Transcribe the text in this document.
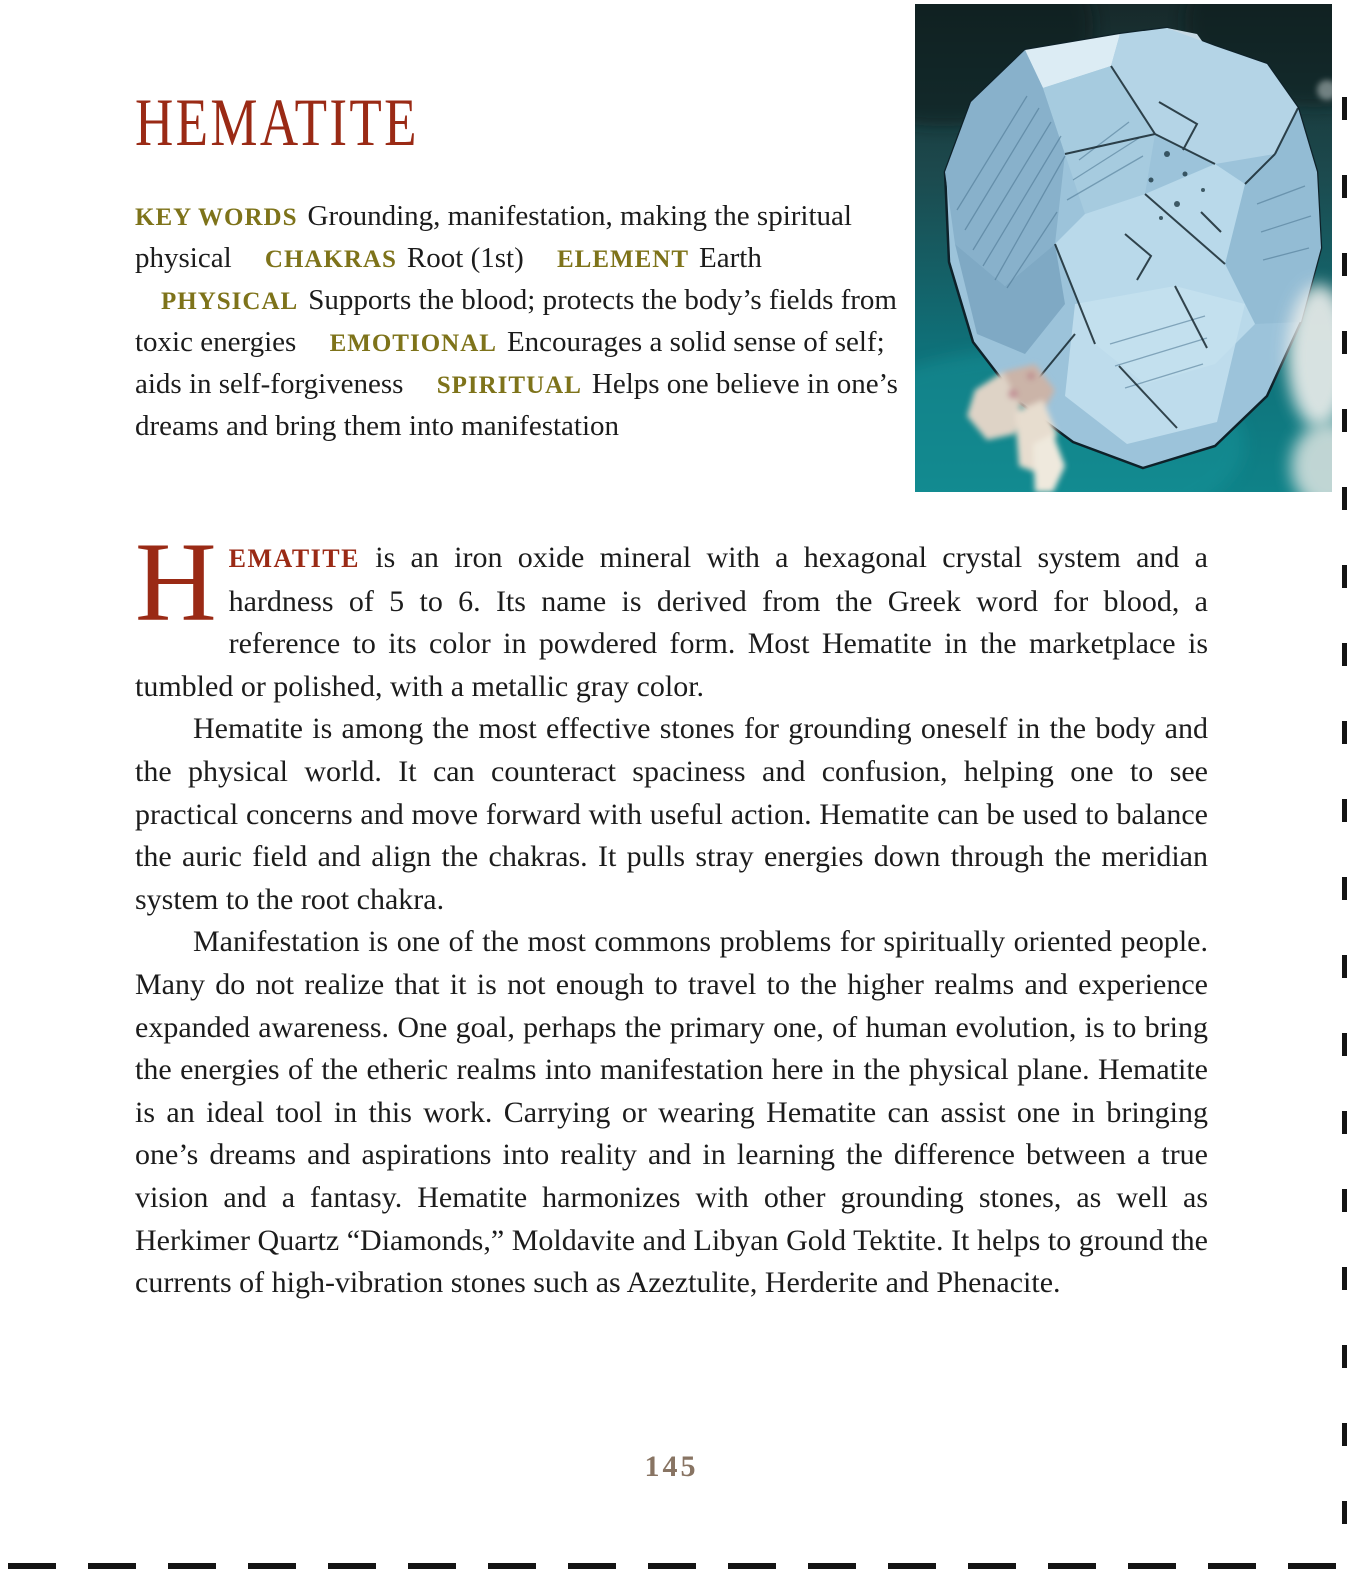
HEMATITE
KEY WORDS Grounding, manifestation, making the spiritual physical CHAKRAS Root (1st) ELEMENT Earth PHYSICAL Supports the blood; protects the body’s fields from toxic energies EMOTIONAL Encourages a solid sense of self; aids in self-forgiveness SPIRITUAL Helps one believe in one’s dreams and bring them into manifestation

HEMATITE is an iron oxide mineral with a hexagonal crystal system and a hardness of 5 to 6. Its name is derived from the Greek word for blood, a reference to its color in powdered form. Most Hematite in the marketplace is tumbled or polished, with a metallic gray color.

Hematite is among the most effective stones for grounding oneself in the body and the physical world. It can counteract spaciness and confusion, helping one to see practical concerns and move forward with useful action. Hematite can be used to balance the auric field and align the chakras. It pulls stray energies down through the meridian system to the root chakra.

Manifestation is one of the most commons problems for spiritually oriented people. Many do not realize that it is not enough to travel to the higher realms and experience expanded awareness. One goal, perhaps the primary one, of human evolution, is to bring the energies of the etheric realms into manifestation here in the physical plane. Hematite is an ideal tool in this work. Carrying or wearing Hematite can assist one in bringing one’s dreams and aspirations into reality and in learning the difference between a true vision and a fantasy. Hematite harmonizes with other grounding stones, as well as Herkimer Quartz “Diamonds,” Moldavite and Libyan Gold Tektite. It helps to ground the currents of high-vibration stones such as Azeztulite, Herderite and Phenacite.

145
